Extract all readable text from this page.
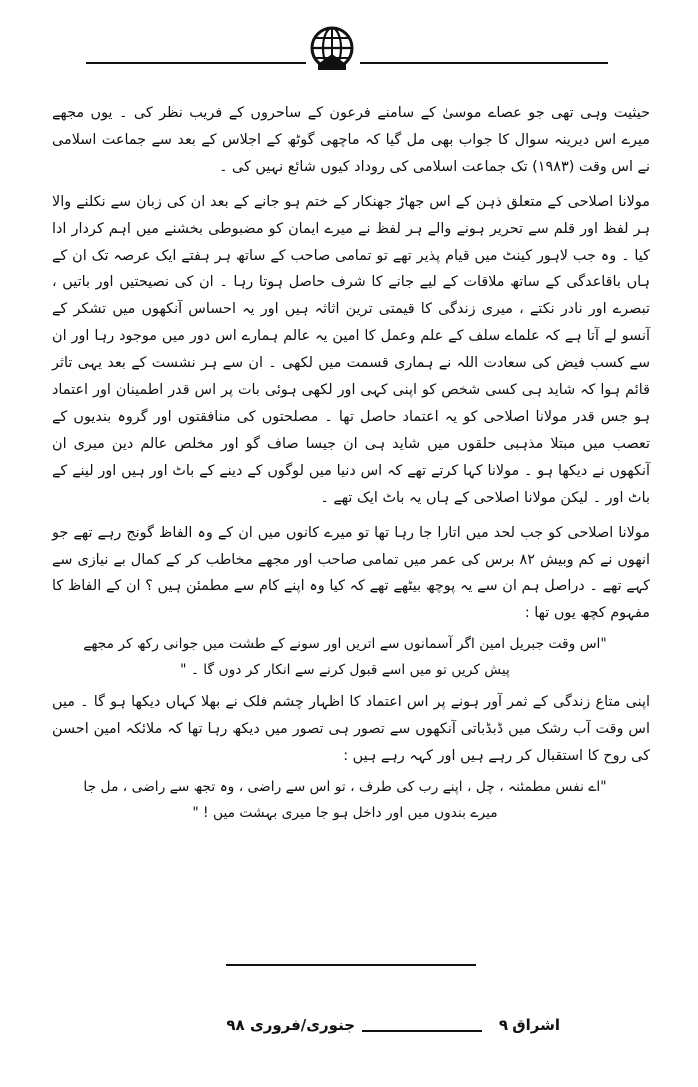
حیثیت وہی تھی جو عصاے موسیٰ کے سامنے فرعون کے ساحروں کے فریب نظر کی ۔ یوں مجھے میرے اس دیرینہ سوال کا جواب بھی مل گیا کہ ماچھی گوٹھ کے اجلاس کے بعد سے جماعت اسلامی نے اس وقت (۱۹۸۳) تک جماعت اسلامی کی روداد کیوں شائع نہیں کی ۔

مولانا اصلاحی کے متعلق ذہن کے اس جھاڑ جھنکار کے ختم ہو جانے کے بعد ان کی زبان سے نکلنے والا ہر لفظ اور قلم سے تحریر ہونے والے ہر لفظ نے میرے ایمان کو مضبوطی بخشنے میں اہم کردار ادا کیا ۔ وہ جب لاہور کینٹ میں قیام پذیر تھے تو تمامی صاحب کے ساتھ ہر ہفتے ایک عرصہ تک ان کے ہاں باقاعدگی کے ساتھ ملاقات کے لیے جانے کا شرف حاصل ہوتا رہا ۔ ان کی نصیحتیں اور باتیں ، تبصرے اور نادر نکتے ، میری زندگی کا قیمتی ترین اثاثہ ہیں اور یہ احساس آنکھوں میں تشکر کے آنسو لے آتا ہے کہ علماے سلف کے علم وعمل کا امین یہ عالم ہمارے اس دور میں موجود رہا اور ان سے کسب فیض کی سعادت اللہ نے ہماری قسمت میں لکھی ۔ ان سے ہر نشست کے بعد یہی تاثر قائم ہوا کہ شاید ہی کسی شخص کو اپنی کہی اور لکھی ہوئی بات پر اس قدر اطمینان اور اعتماد ہو جس قدر مولانا اصلاحی کو یہ اعتماد حاصل تھا ۔ مصلحتوں کی منافقتوں اور گروہ بندیوں کے تعصب میں مبتلا مذہبی حلقوں میں شاید ہی ان جیسا صاف گو اور مخلص عالم دین میری ان آنکھوں نے دیکھا ہو ۔ مولانا کہا کرتے تھے کہ اس دنیا میں لوگوں کے دینے کے باٹ اور ہیں اور لینے کے باٹ اور ۔ لیکن مولانا اصلاحی کے ہاں یہ باٹ ایک تھے ۔

مولانا اصلاحی کو جب لحد میں اتارا جا رہا تھا تو میرے کانوں میں ان کے وہ الفاظ گونج رہے تھے جو انھوں نے کم وبیش ۸۲ برس کی عمر میں تمامی صاحب اور مجھے مخاطب کر کے کمال بے نیازی سے کہے تھے ۔ دراصل ہم ان سے یہ پوچھ بیٹھے تھے کہ کیا وہ اپنے کام سے مطمئن ہیں ؟ ان کے الفاظ کا مفہوم کچھ یوں تھا :

"اس وقت جبریل امین اگر آسمانوں سے اتریں اور سونے کے طشت میں جوانی رکھ کر مجھے پیش کریں تو میں اسے قبول کرنے سے انکار کر دوں گا ۔ "

اپنی متاع زندگی کے ثمر آور ہونے پر اس اعتماد کا اظہار چشم فلک نے بھلا کہاں دیکھا ہو گا ۔ میں اس وقت آب رشک میں ڈبڈباتی آنکھوں سے تصور ہی تصور میں دیکھ رہا تھا کہ ملائکہ امین احسن کی روح کا استقبال کر رہے ہیں اور کہہ رہے ہیں :

"اے نفس مطمئنہ ، چل ، اپنے رب کی طرف ، تو اس سے راضی ، وہ تجھ سے راضی ، مل جا میرے بندوں میں اور داخل ہو جا میری بہشت میں ! "

اشراق
۹
جنوری/فروری ۹۸
